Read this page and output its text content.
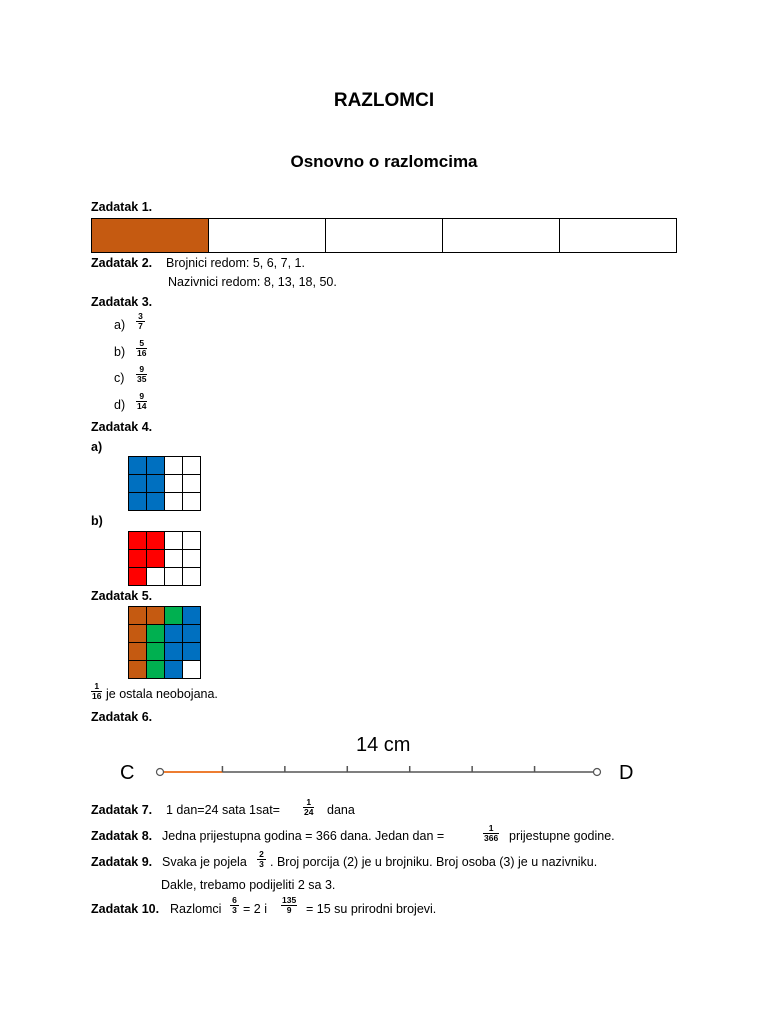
RAZLOMCI
Osnovno o razlomcima
Zadatak 1.
Zadatak 2. Brojnici redom: 5, 6, 7, 1.
Nazivnici redom: 8, 13, 18, 50.
Zadatak 3.
a)
3
7
b)
5
16
c)
9
35
d)
9
14
Zadatak 4.
a)
b)
Zadatak 5.
1
16 je ostala neobojana.
Zadatak 6.
14 cm
C	D
Zadatak 7. 1 dan=24 sata 1sat=
1
24 dana
Zadatak 8. Jedna prijestupna godina = 366 dana. Jedan dan =
1
366 prijestupne godine.
Zadatak 9. Svaka je pojela
2
3 . Broj porcija (2) je u brojniku. Broj osoba (3) je u nazivniku.
Dakle, trebamo podijeliti 2 sa 3.
Zadatak 10. Razlomci
6
3 = 2 i
135
9 = 15 su prirodni brojevi.
